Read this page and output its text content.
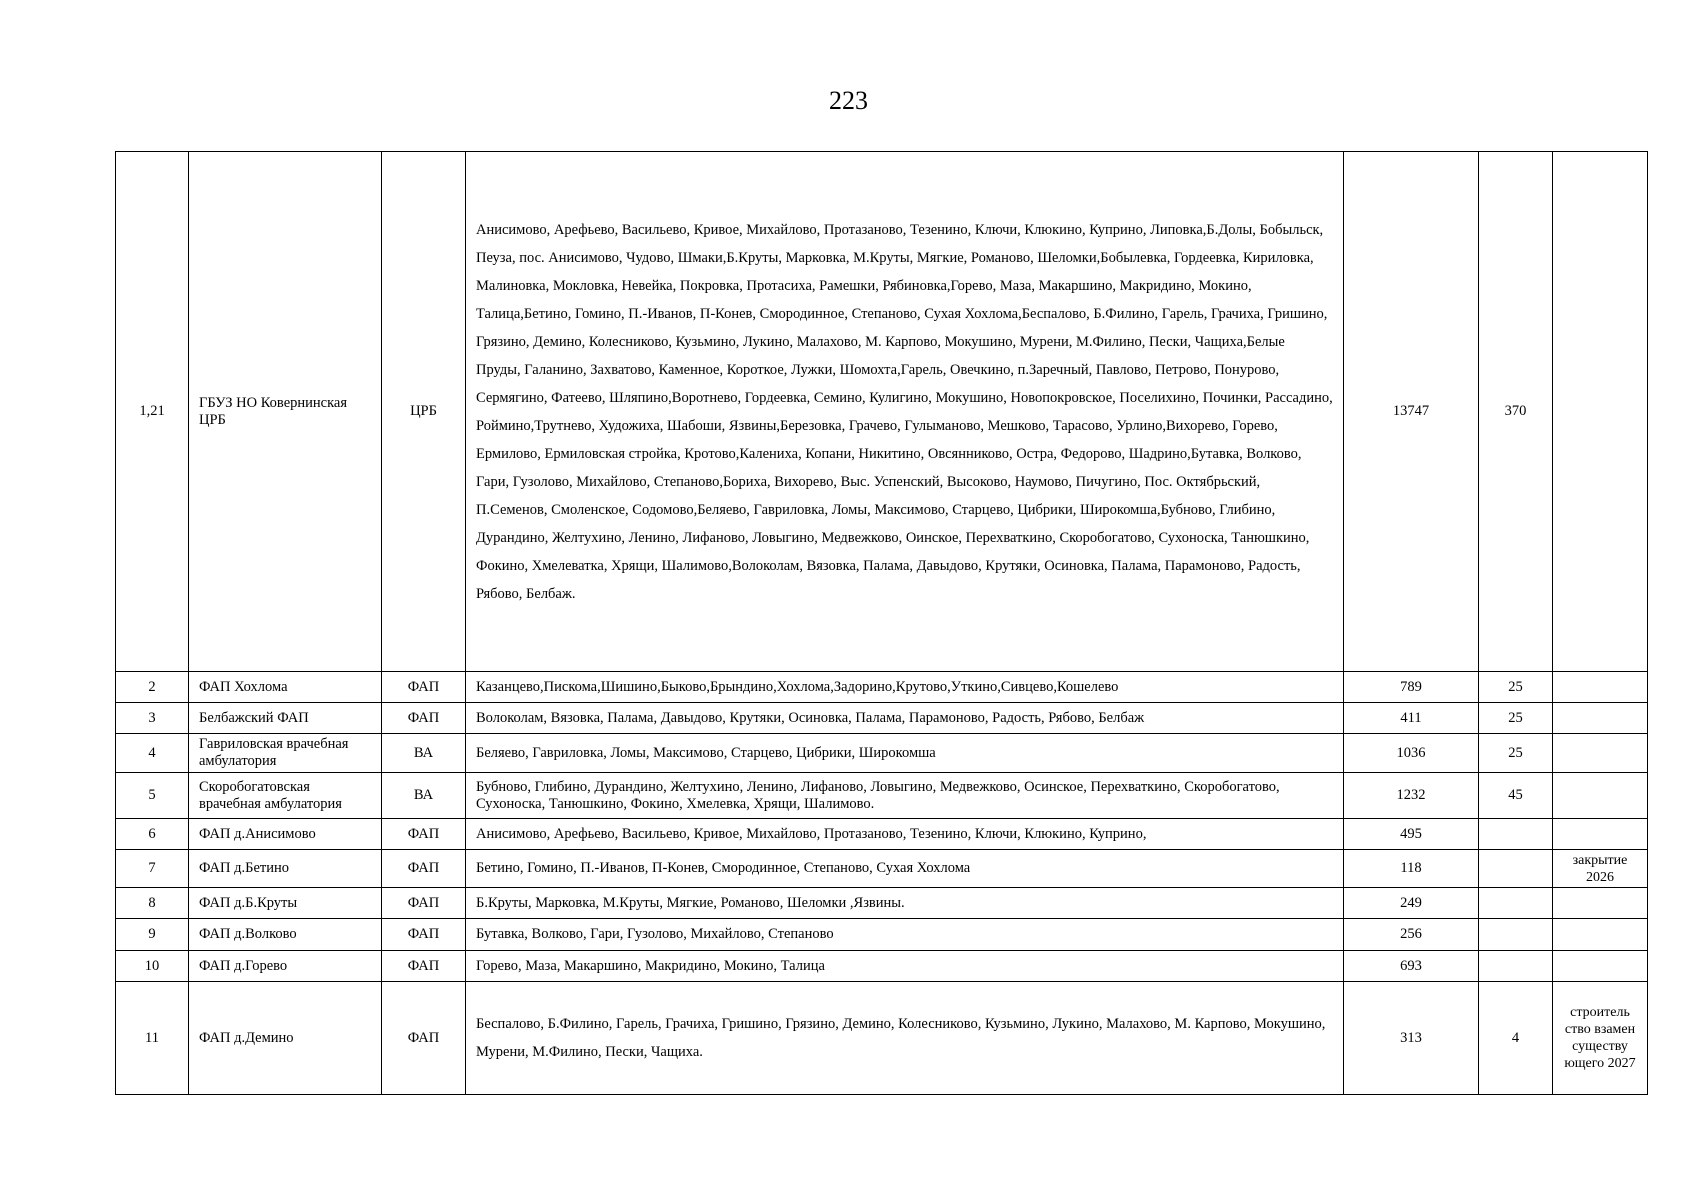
223
1,21	ГБУЗ НО Ковернинская ЦРБ	ЦРБ	Анисимово, Арефьево, Васильево, Кривое, Михайлово, Протазаново, Тезенино, Ключи, Клюкино, Куприно, Липовка,Б.Долы, Бобыльск, Пеуза, пос. Анисимово, Чудово, Шмаки,Б.Круты, Марковка, М.Круты, Мягкие, Романово, Шеломки,Бобылевка, Гордеевка, Кириловка, Малиновка, Мокловка, Невейка, Покровка, Протасиха, Рамешки, Рябиновка,Горево, Маза, Макаршино, Макридино, Мокино, Талица,Бетино, Гомино, П.-Иванов, П-Конев, Смородинное, Степаново, Сухая Хохлома,Беспалово, Б.Филино, Гарель, Грачиха, Гришино, Грязино, Демино, Колесниково, Кузьмино, Лукино, Малахово, М. Карпово, Мокушино, Мурени, М.Филино, Пески, Чащиха,Белые Пруды, Галанино, Захватово, Каменное, Короткое, Лужки, Шомохта,Гарель, Овечкино, п.Заречный, Павлово, Петрово, Понурово, Сермягино, Фатеево, Шляпино,Воротнево, Гордеевка, Семино, Кулигино, Мокушино, Новопокровское, Поселихино, Починки, Рассадино, Роймино,Трутнево, Художиха, Шабоши, Язвины,Березовка, Грачево, Гулыманово, Мешково, Тарасово, Урлино,Вихорево, Горево, Ермилово, Ермиловская стройка, Кротово,Калениха, Копани, Никитино, Овсянниково, Остра, Федорово, Шадрино,Бутавка, Волково, Гари, Гузолово, Михайлово, Степаново,Бориха, Вихорево, Выс. Успенский, Высоково, Наумово, Пичугино, Пос. Октябрьский, П.Семенов, Смоленское, Содомово,Беляево, Гавриловка, Ломы, Максимово, Старцево, Цибрики, Широкомша,Бубново, Глибино, Дурандино, Желтухино, Ленино, Лифаново, Ловыгино, Медвежково, Оинское, Перехваткино, Скоробогатово, Сухоноска, Танюшкино, Фокино, Хмелеватка, Хрящи, Шалимово,Волоколам, Вязовка, Палама, Давыдово, Крутяки, Осиновка, Палама, Парамоново, Радость, Рябово, Белбаж.	13747	370	
2	ФАП Хохлома	ФАП	Казанцево,Пискома,Шишино,Быково,Брындино,Хохлома,Задорино,Крутово,Уткино,Сивцево,Кошелево	789	25	
3	Белбажский ФАП	ФАП	Волоколам, Вязовка, Палама, Давыдово, Крутяки, Осиновка, Палама, Парамоново, Радость, Рябово, Белбаж	411	25	
4	Гавриловская врачебная амбулатория	ВА	Беляево, Гавриловка, Ломы, Максимово, Старцево, Цибрики, Широкомша	1036	25	
5	Скоробогатовская врачебная амбулатория	ВА	Бубново, Глибино, Дурандино, Желтухино, Ленино, Лифаново, Ловыгино, Медвежково, Осинское, Перехваткино, Скоробогатово, Сухоноска, Танюшкино, Фокино, Хмелевка, Хрящи, Шалимово.	1232	45	
6	ФАП д.Анисимово	ФАП	Анисимово, Арефьево, Васильево, Кривое, Михайлово, Протазаново, Тезенино, Ключи, Клюкино, Куприно,	495		
7	ФАП д.Бетино	ФАП	Бетино, Гомино, П.-Иванов, П-Конев, Смородинное, Степаново, Сухая Хохлома	118		закрытие 2026
8	ФАП д.Б.Круты	ФАП	Б.Круты, Марковка, М.Круты, Мягкие, Романово, Шеломки ,Язвины.	249		
9	ФАП д.Волково	ФАП	Бутавка, Волково, Гари, Гузолово, Михайлово, Степаново	256		
10	ФАП д.Горево	ФАП	Горево, Маза, Макаршино, Макридино, Мокино, Талица	693		
11	ФАП д.Демино	ФАП	Беспалово, Б.Филино, Гарель, Грачиха, Гришино, Грязино, Демино, Колесниково, Кузьмино, Лукино, Малахово, М. Карпово, Мокушино, Мурени, М.Филино, Пески, Чащиха.	313	4	строитель ство взамен существу ющего 2027
